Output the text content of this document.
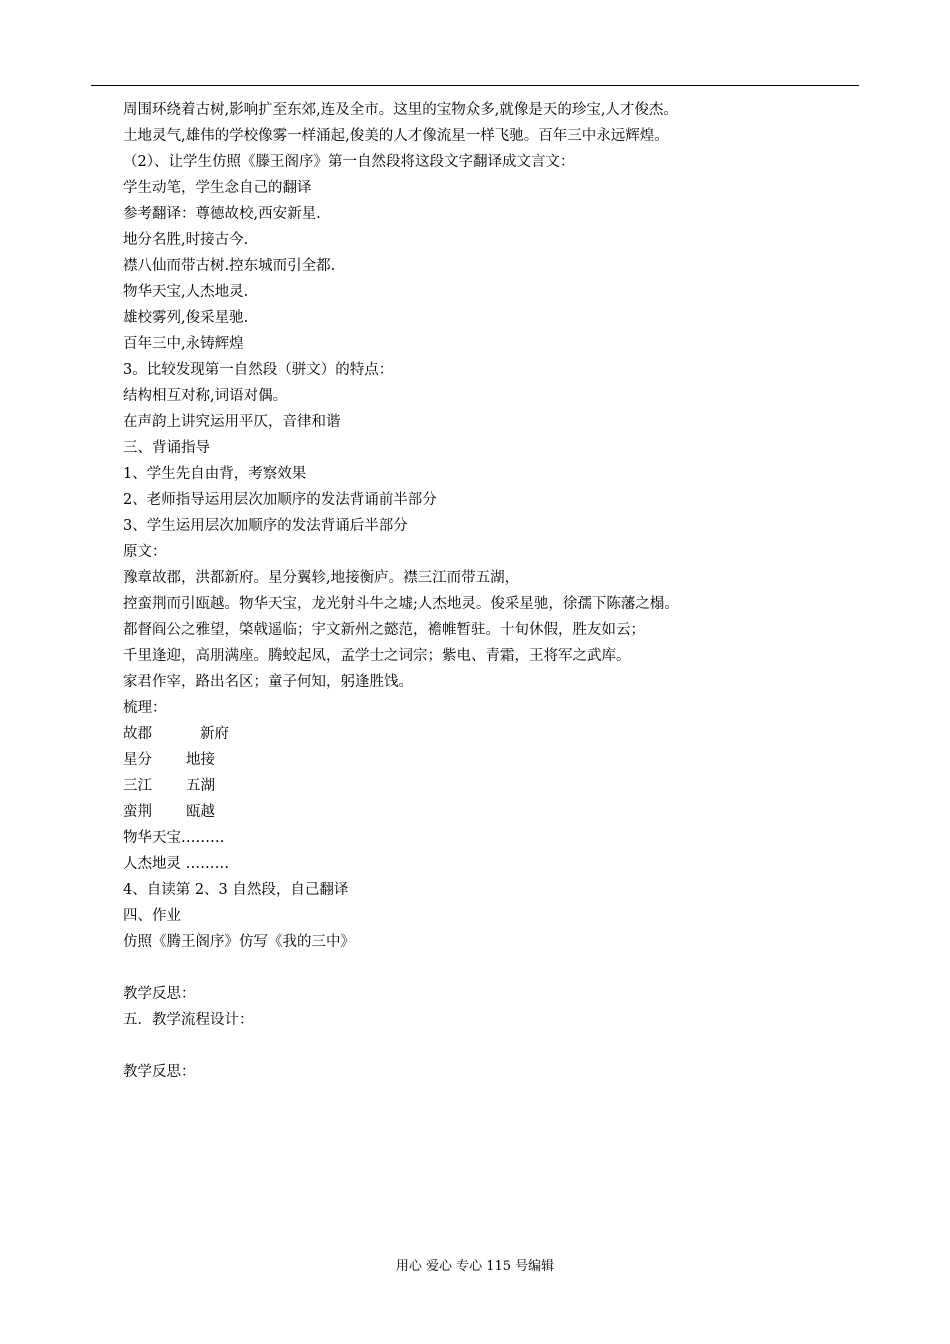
周围环绕着古树,影响扩至东郊,连及全市。这里的宝物众多,就像是天的珍宝,人才俊杰。
土地灵气,雄伟的学校像雾一样涌起,俊美的人才像流星一样飞驰。百年三中永远辉煌。
（2）、让学生仿照《滕王阁序》第一自然段将这段文字翻译成文言文：
学生动笔，学生念自己的翻译
参考翻译：尊德故校,西安新星.
地分名胜,时接古今.
襟八仙而带古树.控东城而引全都.
物华天宝,人杰地灵.
雄校雾列,俊采星驰.
百年三中,永铸辉煌
3。比较发现第一自然段（骈文）的特点：
结构相互对称,词语对偶。
在声韵上讲究运用平仄，音律和谐
三、背诵指导
1、学生先自由背，考察效果
2、老师指导运用层次加顺序的发法背诵前半部分
3、学生运用层次加顺序的发法背诵后半部分
原文：
豫章故郡，洪都新府。星分翼轸,地接衡庐。襟三江而带五湖，
控蛮荆而引瓯越。物华天宝，龙光射斗牛之墟;人杰地灵。俊采星驰，徐孺下陈藩之榻。
都督阎公之雅望，棨戟遥临；宇文新州之懿范，襜帷暂驻。十旬休假，胜友如云；
千里逢迎，高朋满座。腾蛟起凤，孟学士之词宗；紫电、青霜，王将军之武库。
家君作宰，路出名区；童子何知，躬逢胜饯。
梳理：
故郡	新府
星分 地接
三江 五湖
蛮荆 瓯越
物华天宝………
人杰地灵 ………
4、自读第 2、3 自然段，自己翻译
四、作业
仿照《腾王阁序》仿写《我的三中》
教学反思：
五．教学流程设计：
教学反思：
用心 爱心 专心 115 号编辑
